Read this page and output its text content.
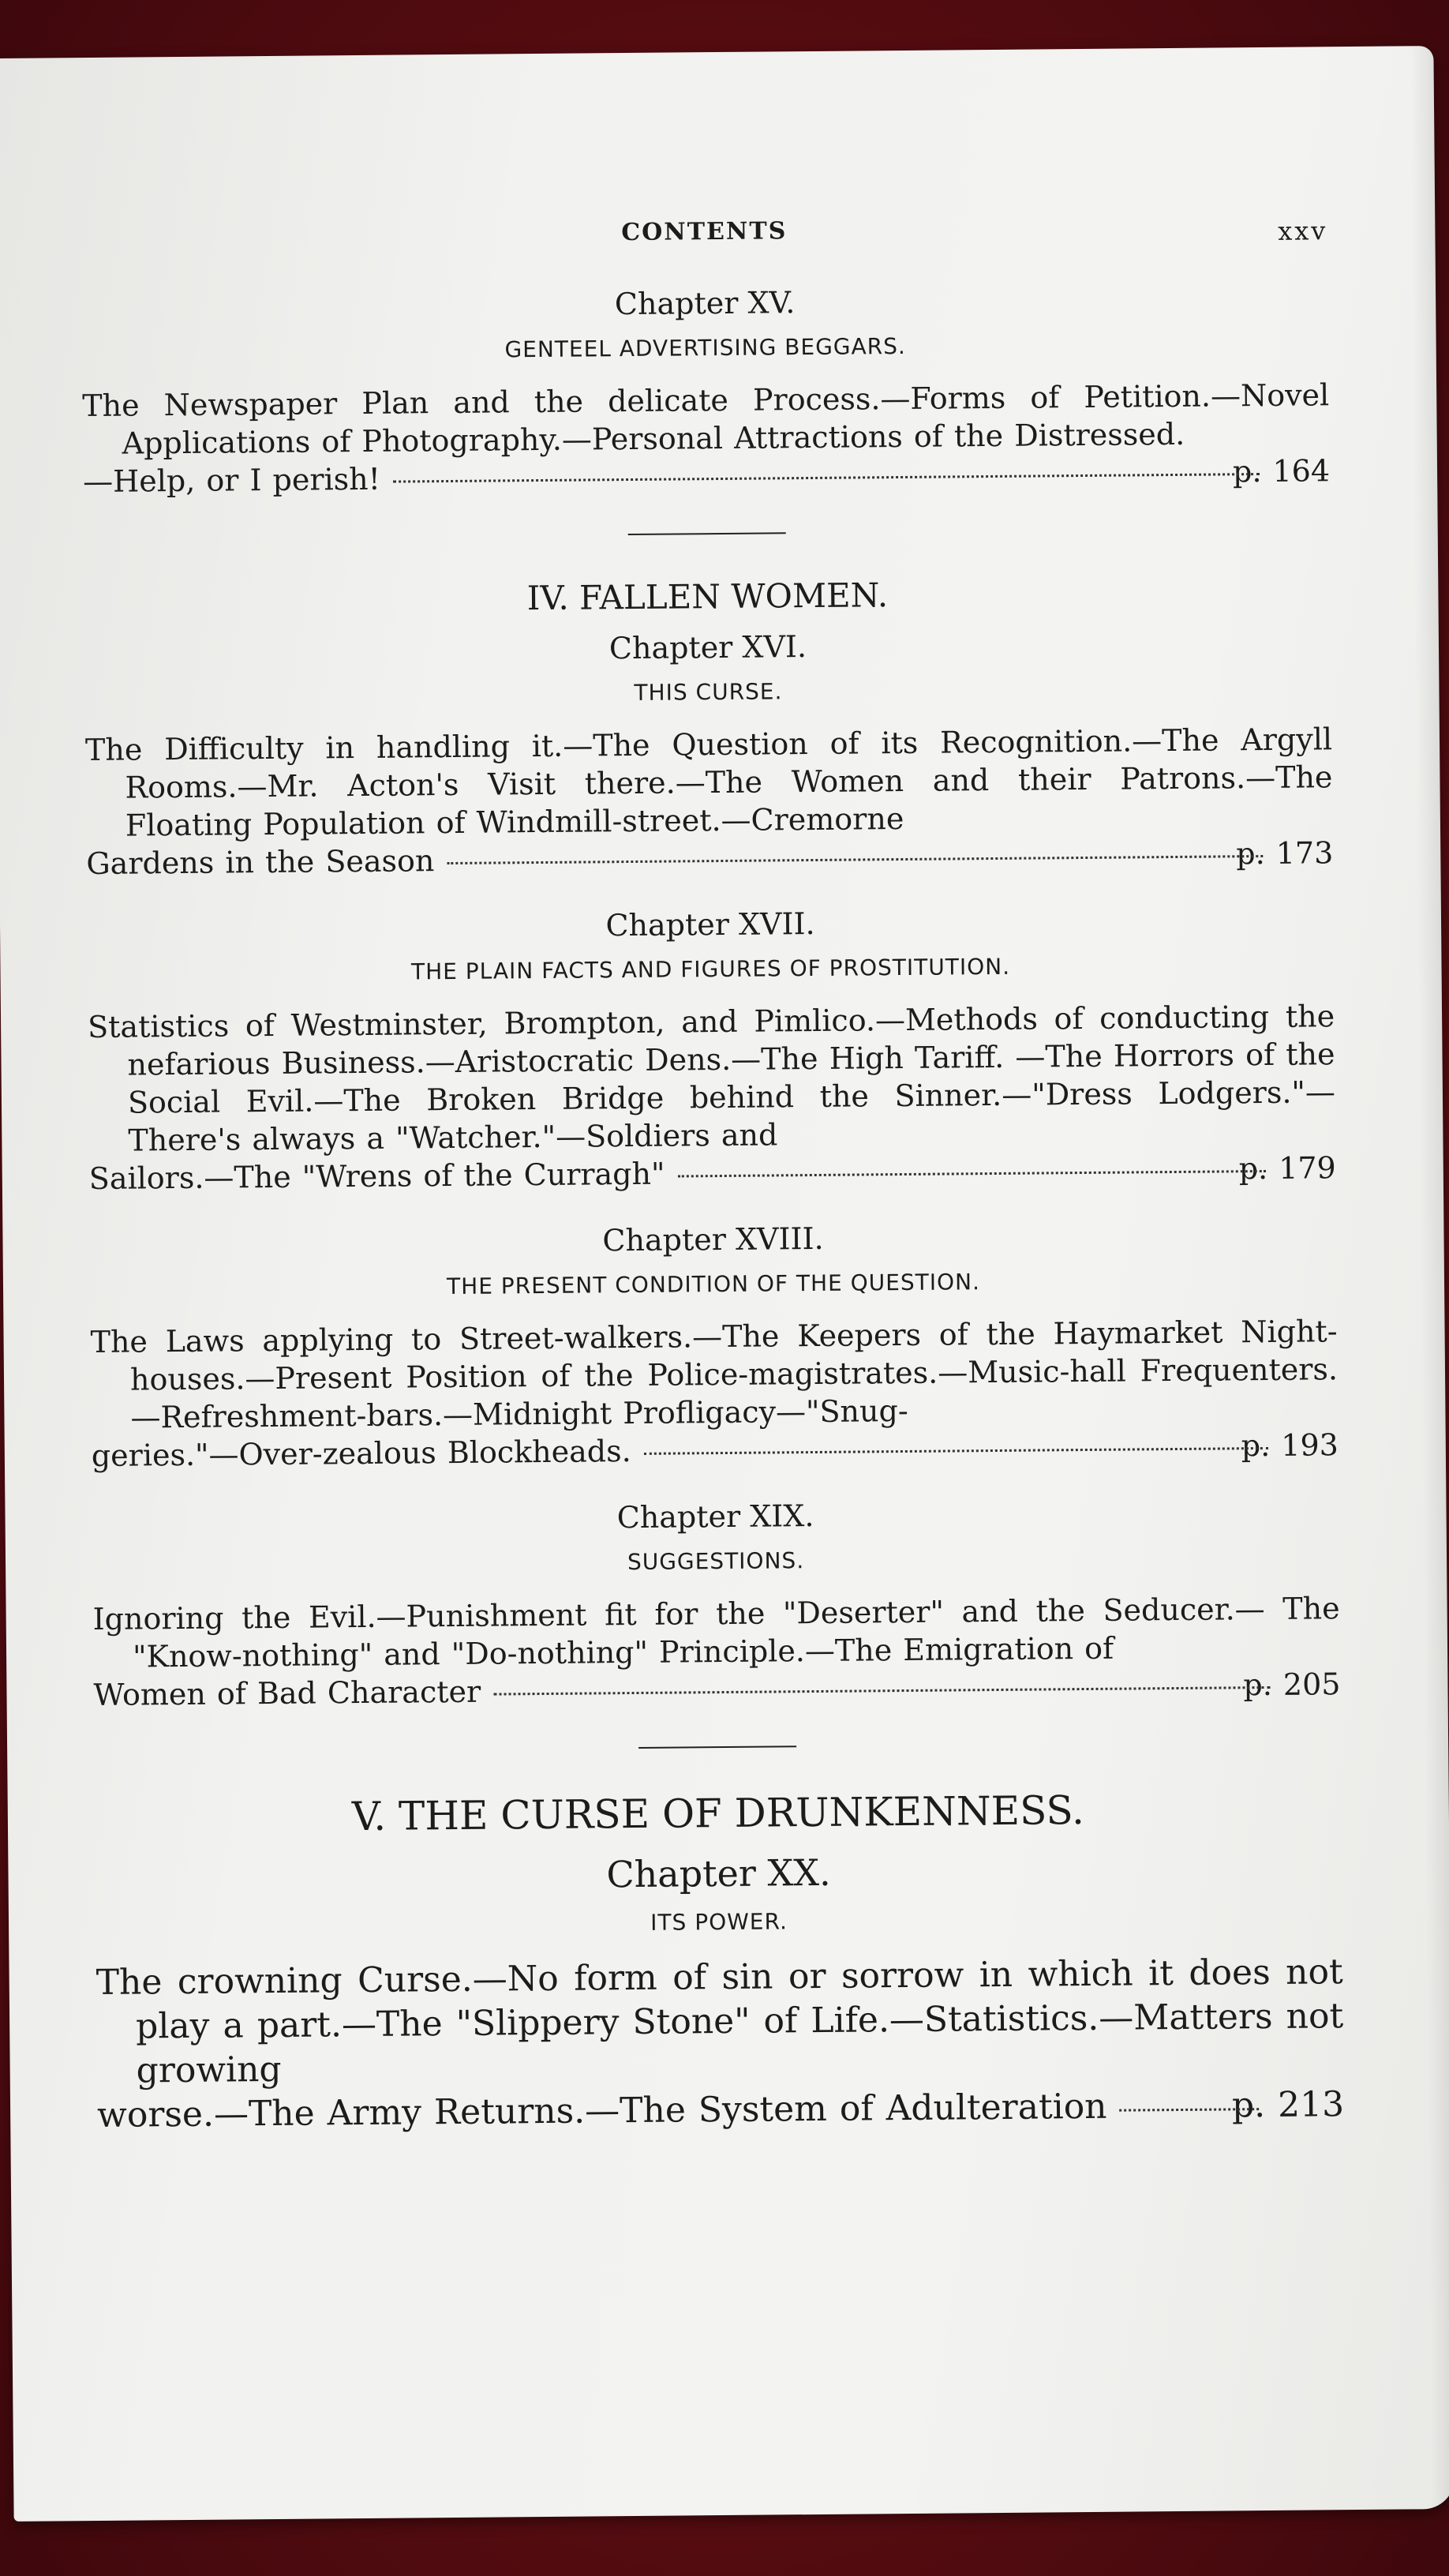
CONTENTS	xxv
Chapter XV.
GENTEEL ADVERTISING BEGGARS.
The Newspaper Plan and the delicate Process.—Forms of Petition.—Novel Applications of Photography.—Personal Attractions of the Distressed.
—Help, or I perish!	p. 164
IV. FALLEN WOMEN.
Chapter XVI.
THIS CURSE.
The Difficulty in handling it.—The Question of its Recognition.—The Argyll Rooms.—Mr. Acton's Visit there.—The Women and their Patrons.—The Floating Population of Windmill-street.—Cremorne
Gardens in the Season	p. 173
Chapter XVII.
THE PLAIN FACTS AND FIGURES OF PROSTITUTION.
Statistics of Westminster, Brompton, and Pimlico.—Methods of conducting the nefarious Business.—Aristocratic Dens.—The High Tariff. —The Horrors of the Social Evil.—The Broken Bridge behind the Sinner.—"Dress Lodgers."—There's always a "Watcher."—Soldiers and
Sailors.—The "Wrens of the Curragh"	p. 179
Chapter XVIII.
THE PRESENT CONDITION OF THE QUESTION.
The Laws applying to Street-walkers.—The Keepers of the Haymarket Night-houses.—Present Position of the Police-magistrates.—Music-hall Frequenters.—Refreshment-bars.—Midnight Profligacy—"Snug-
geries."—Over-zealous Blockheads.	p. 193
Chapter XIX.
SUGGESTIONS.
Ignoring the Evil.—Punishment fit for the "Deserter" and the Seducer.— The "Know-nothing" and "Do-nothing" Principle.—The Emigration of
Women of Bad Character	p. 205
V. THE CURSE OF DRUNKENNESS.
Chapter XX.
ITS POWER.
The crowning Curse.—No form of sin or sorrow in which it does not play a part.—The "Slippery Stone" of Life.—Statistics.—Matters not growing
worse.—The Army Returns.—The System of Adulteration	p. 213
